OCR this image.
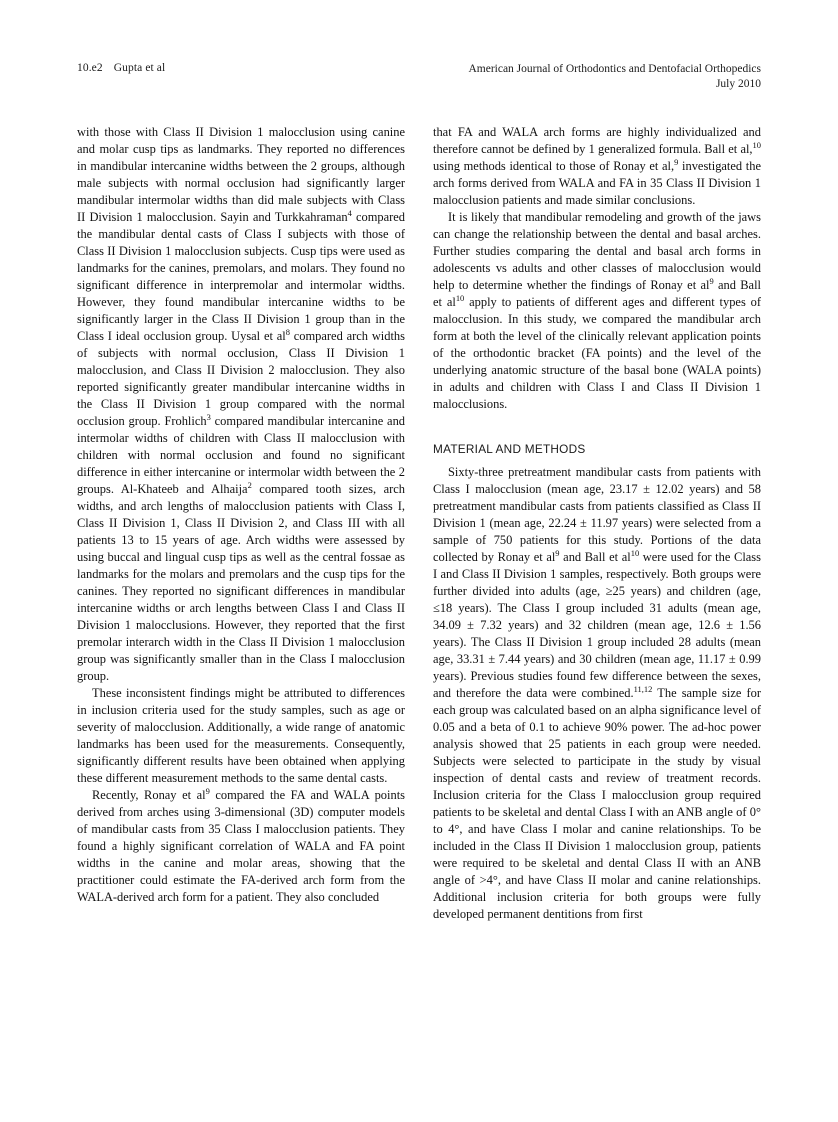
10.e2 Gupta et al	American Journal of Orthodontics and Dentofacial Orthopedics
July 2010

with those with Class II Division 1 malocclusion using canine and molar cusp tips as landmarks. They reported no differences in mandibular intercanine widths between the 2 groups, although male subjects with normal occlusion had significantly larger mandibular intermolar widths than did male subjects with Class II Division 1 malocclusion. Sayin and Turkkahraman$^4$ compared the mandibular dental casts of Class I subjects with those of Class II Division 1 malocclusion subjects. Cusp tips were used as landmarks for the canines, premolars, and molars. They found no significant difference in interpremolar and intermolar widths. However, they found mandibular intercanine widths to be significantly larger in the Class II Division 1 group than in the Class I ideal occlusion group. Uysal et $al^8$ compared arch widths of subjects with normal occlusion, Class II Division 1 malocclusion, and Class II Division 2 malocclusion. They also reported significantly greater mandibular intercanine widths in the Class II Division 1 group compared with the normal occlusion group. Frohlich$^3$ compared mandibular intercanine and intermolar widths of children with Class II malocclusion with children with normal occlusion and found no significant difference in either intercanine or intermolar width between the 2 groups. Al-Khateeb and Alhaija$^2$ compared tooth sizes, arch widths, and arch lengths of malocclusion patients with Class I, Class II Division 1, Class II Division 2, and Class III with all patients 13 to 15 years of age. Arch widths were assessed by using buccal and lingual cusp tips as well as the central fossae as landmarks for the molars and premolars and the cusp tips for the canines. They reported no significant differences in mandibular intercanine widths or arch lengths between Class I and Class II Division 1 malocclusions. However, they reported that the first premolar interarch width in the Class II Division 1 malocclusion group was significantly smaller than in the Class I malocclusion group.

These inconsistent findings might be attributed to differences in inclusion criteria used for the study samples, such as age or severity of malocclusion. Additionally, a wide range of anatomic landmarks has been used for the measurements. Consequently, significantly different results have been obtained when applying these different measurement methods to the same dental casts.

Recently, Ronay et $al^9$ compared the FA and WALA points derived from arches using 3-dimensional (3D) computer models of mandibular casts from 35 Class I malocclusion patients. They found a highly significant correlation of WALA and FA point widths in the canine and molar areas, showing that the practitioner could estimate the FA-derived arch form from the WALA-derived arch form for a patient. They also concluded

that FA and WALA arch forms are highly individualized and therefore cannot be defined by 1 generalized formula. Ball et al,$^{10}$ using methods identical to those of Ronay et al,$^9$ investigated the arch forms derived from WALA and FA in 35 Class II Division 1 malocclusion patients and made similar conclusions.

It is likely that mandibular remodeling and growth of the jaws can change the relationship between the dental and basal arches. Further studies comparing the dental and basal arch forms in adolescents vs adults and other classes of malocclusion would help to determine whether the findings of Ronay et $al^9$ and Ball et $al^{10}$ apply to patients of different ages and different types of malocclusion. In this study, we compared the mandibular arch form at both the level of the clinically relevant application points of the orthodontic bracket (FA points) and the level of the underlying anatomic structure of the basal bone (WALA points) in adults and children with Class I and Class II Division 1 malocclusions.

MATERIAL AND METHODS

Sixty-three pretreatment mandibular casts from patients with Class I malocclusion (mean age, 23.17 ± 12.02 years) and 58 pretreatment mandibular casts from patients classified as Class II Division 1 (mean age, 22.24 ± 11.97 years) were selected from a sample of 750 patients for this study. Portions of the data collected by Ronay et $al^9$ and Ball et $al^{10}$ were used for the Class I and Class II Division 1 samples, respectively. Both groups were further divided into adults (age, ≥25 years) and children (age, ≤18 years). The Class I group included 31 adults (mean age, 34.09 ± 7.32 years) and 32 children (mean age, 12.6 ± 1.56 years). The Class II Division 1 group included 28 adults (mean age, 33.31 ± 7.44 years) and 30 children (mean age, 11.17 ± 0.99 years). Previous studies found few difference between the sexes, and therefore the data were combined.$^{11,12}$ The sample size for each group was calculated based on an alpha significance level of 0.05 and a beta of 0.1 to achieve 90% power. The ad-hoc power analysis showed that 25 patients in each group were needed. Subjects were selected to participate in the study by visual inspection of dental casts and review of treatment records. Inclusion criteria for the Class I malocclusion group required patients to be skeletal and dental Class I with an ANB angle of 0° to 4°, and have Class I molar and canine relationships. To be included in the Class II Division 1 malocclusion group, patients were required to be skeletal and dental Class II with an ANB angle of >4°, and have Class II molar and canine relationships. Additional inclusion criteria for both groups were fully developed permanent dentitions from first
